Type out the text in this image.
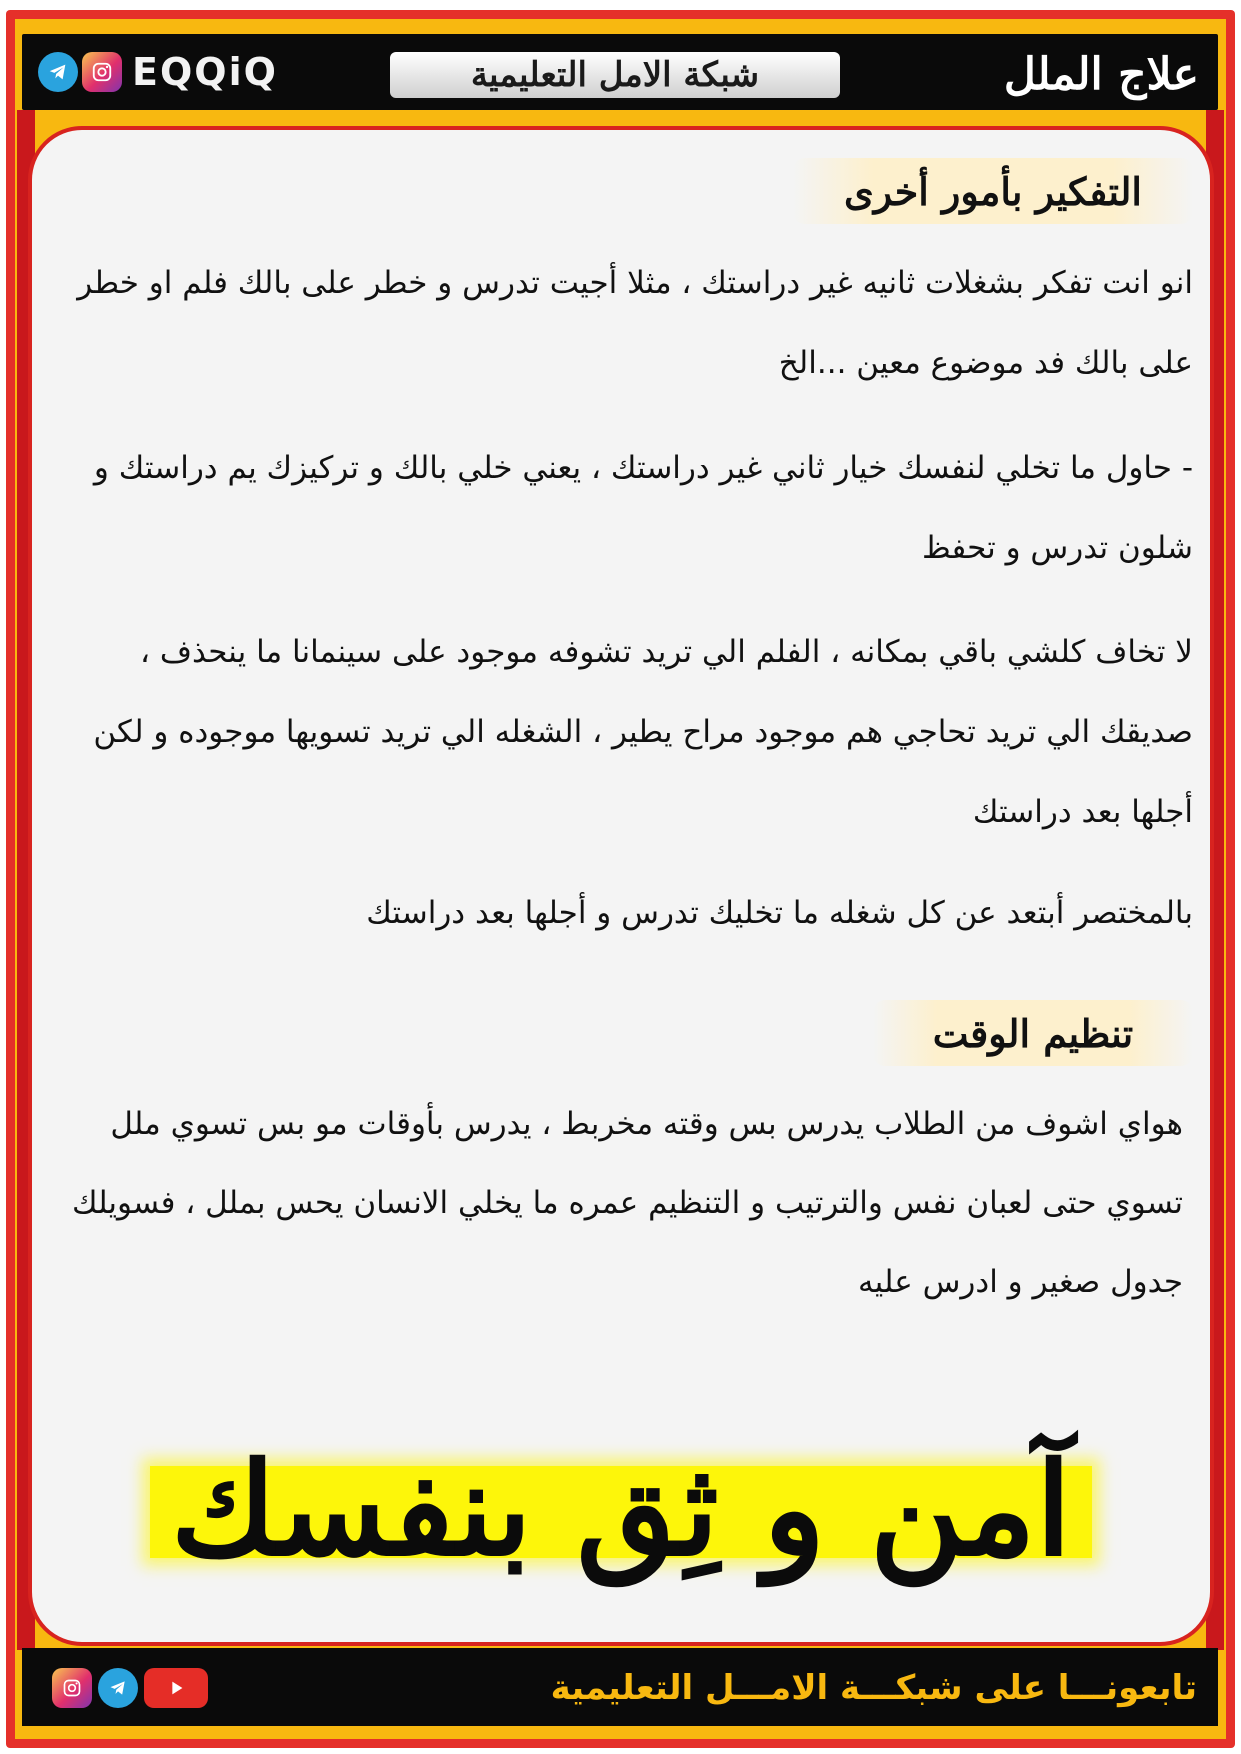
EQQiQ	شبكة الامل التعليمية	علاج الملل
التفكير بأمور أخرى
انو انت تفكر بشغلات ثانيه غير دراستك ، مثلا أجيت تدرس و خطر على بالك فلم او خطر على بالك فد موضوع معين ...الخ
- حاول ما تخلي لنفسك خيار ثاني غير دراستك ، يعني خلي بالك و تركيزك يم دراستك و شلون تدرس و تحفظ
لا تخاف كلشي باقي بمكانه ، الفلم الي تريد تشوفه موجود على سينمانا ما ينحذف ، صديقك الي تريد تحاجي هم موجود مراح يطير ، الشغله الي تريد تسويها موجوده و لكن أجلها بعد دراستك
بالمختصر أبتعد عن كل شغله ما تخليك تدرس و أجلها بعد دراستك
تنظيم الوقت
هواي اشوف من الطلاب يدرس بس وقته مخربط ، يدرس بأوقات مو بس تسوي ملل تسوي حتى لعبان نفس والترتيب و التنظيم عمره ما يخلي الانسان يحس بملل ، فسويلك جدول صغير و ادرس عليه
آمن و ثِق بنفسك
تابعونـــا على شبكـــة الامـــل التعليمية
